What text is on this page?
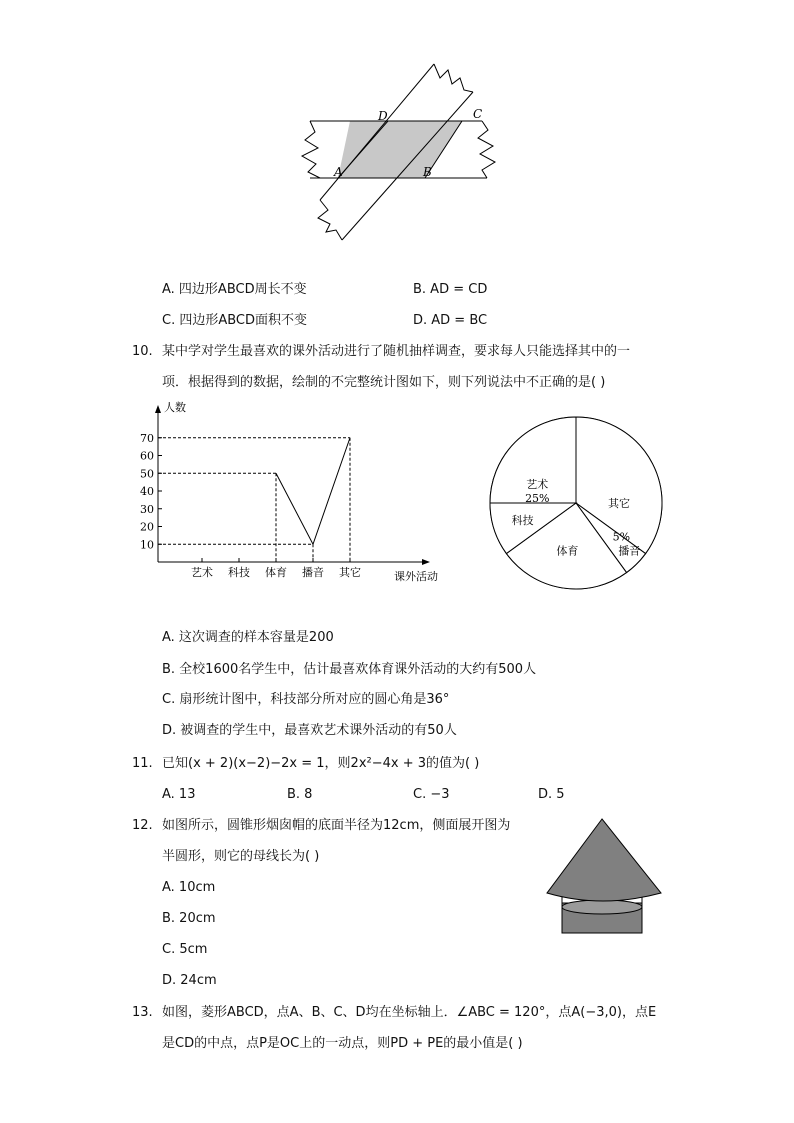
D	C
A	B
A. 四边形ABCD周长不变	B. AD = CD
C. 四边形ABCD面积不变	D. AD = BC
10. 某中学对学生最喜欢的课外活动进行了随机抽样调查，要求每人只能选择其中的一
项．根据得到的数据，绘制的不完整统计图如下，则下列说法中不正确的是( )
人数
课外活动
10
20
30
40
50
60
70
艺术 科技 体育 播音 其它
其它
播音
5%
体育
科技
艺术
25%
A. 这次调查的样本容量是200
B. 全校1600名学生中，估计最喜欢体育课外活动的大约有500人
C. 扇形统计图中，科技部分所对应的圆心角是36°
D. 被调查的学生中，最喜欢艺术课外活动的有50人
11. 已知(x + 2)(x−2)−2x = 1，则2x²−4x + 3的值为( )
A. 13	B. 8	C. −3	D. 5
12. 如图所示，圆锥形烟囱帽的底面半径为12cm，侧面展开图为
半圆形，则它的母线长为( )
A. 10cm
B. 20cm
C. 5cm
D. 24cm
13. 如图，菱形ABCD，点A、B、C、D均在坐标轴上．∠ABC = 120°，点A(−3,0)，点E
是CD的中点，点P是OC上的一动点，则PD + PE的最小值是( )
